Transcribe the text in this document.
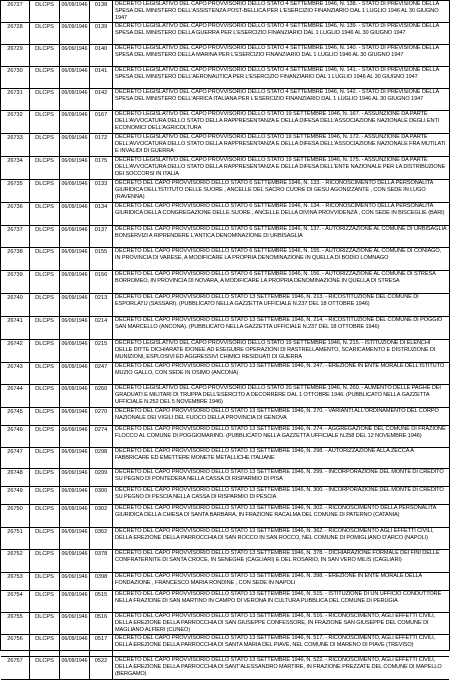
26727	DLCPS	06/09/1946	0138	DECRETO LEGISLATIVO DEL CAPO PROVVISORIO DELLO STATO 4 SETTEMBRE 1946, N. 138. - STATO DI PREVISIONE DELLA SPESA DEL MINISTERO DELL'ASSISTENZA POST-BELLICA PER L'ESERCIZIO FINANZIARIO DAL 1 LUGLIO 1946 AL 30 GIUGNO 1947
26728	DLCPS	06/09/1946	0139	DECRETO LEGISLATIVO DEL CAPO PROVVISORIO DELLO STATO 4 SETTEMBRE 1946, N. 139. - STATO DI PREVISIONE DELLA SPESA DEL MINISTERO DELLA GUERRA PER L'ESERCIZIO FINANZIARIO DAL 1 LUGLIO 1946 AL 30 GIUGNO 1947
26729	DLCPS	06/09/1946	0140	DECRETO LEGISLATIVO DEL CAPO PROVVISORIO DELLO STATO 4 SETTEMBRE 1946, N. 140. - STATO DI PREVISIONE DELLA SPESA DEL MINISTERO DELLA MARINA PER L'ESERCIZIO FINANZIARIO DAL 1 LUGLIO 1946 AL 30 GIUGNO 1947
26730	DLCPS	06/09/1946	0141	DECRETO LEGISLATIVO DEL CAPO PROVVISORIO DELLO STATO 4 SETTEMBRE 1946, N. 141. - STATO DI PREVISIONE DELLA SPESA DEL MINISTERO DELL'AERONAUTICA PER L'ESERCIZIO FINANZIARIO DAL 1 LUGLIO 1946 AL 30 GIUGNO 1947
26731	DLCPS	06/09/1946	0142	DECRETO LEGISLATIVO DEL CAPO PROVVISORIO DELLO STATO 4 SETTEMBRE 1946, N. 142. - STATO DI PREVISIONE DELLA SPESA DEL MINISTERO DELL'AFRICA ITALIANA PER L'ESERCIZIO FINANZIARIO DAL 1 LUGLIO 1946 AL 30 GIUGNO 1947
26732	DLCPS	06/09/1946	0167	DECRETO LEGISLATIVO DEL CAPO PROVVISORIO DELLO STATO 19 SETTEMBRE 1946, N. 167. - ASSUNZIONE DA PARTE DELL'AVVOCATURA DELLO STATO DELLA RAPPRESENTANZA E DELLA DIFESA DELL'ASSOCIAZIONE NAZIONALE DEGLI ENTI ECONOMICI DELL'AGRICOLTURA
26733	DLCPS	06/09/1946	0172	DECRETO LEGISLATIVO DEL CAPO PROVVISORIO DELLO STATO 19 SETTEMBRE 1946, N. 172. - ASSUNZIONE DA PARTE DELL'AVVOCATURA DELLO STATO DELLA RAPPRESENTANZA E DELLA DIFESA DELL'ASSOCIAZIONE NAZIONALE FRA MUTILATI E INVALIDI DI GUERRA
26734	DLCPS	06/09/1946	0175	DECRETO LEGISLATIVO DEL CAPO PROVVISORIO DELLO STATO 19 SETTEMBRE 1946, N. 175. - ASSUNZIONE DA PARTE DELL'AVVOCATURA DELLO STATO DELLA RAPPRESENTANZA E DELLA DIFESA DELL'ENTE NAZIONALE PER LA DISTRIBUZIONE DEI SOCCORSI IN ITALIA
26735	DLCPS	06/09/1946	0133	DECRETO DEL CAPO PROVVISORIO DELLO STATO 6 SETTEMBRE 1946, N. 133. - RICONOSCIMENTO DELLA PERSONALITA GIURIDICA DELL'ISTITUTO DELLE SUORE , ANCELLE DEL SACRO CUORE DI GESU AGONIZZANTE , CON SEDE IN LUGO (RAVENNA)
26736	DLCPS	06/09/1946	0134	DECRETO DEL CAPO PROVVISORIO DELLO STATO 6 SETTEMBRE 1946, N. 134. - RICONOSCIMENTO DELLA PERSONALITA GIURIDICA DELLA CONGREGAZIONE DELLE SUORE , ANCELLE DELLA DIVINA PROVVIDENZA , CON SEDE IN BISCEGLIE (BARI)
26737	DLCPS	06/09/1946	0137	DECRETO DEL CAPO PROVVISORIO DELLO STATO 6 SETTEMBRE 1946, N. 137. - AUTORIZZAZIONE AL COMUNE DI URBISAGLIA BONSERVIZI A RIPRENDERE L'ANTICA DENOMINAZIONE DI URBISAGLIA
26738	DLCPS	06/09/1946	0155	DECRETO DEL CAPO PROVVISORIO DELLO STATO 6 SETTEMBRE 1946, N. 155. - AUTORIZZAZIONE AL COMUNE DI CONIAGO, IN PROVINCIA DI VARESE, A MODIFICARE LA PROPRIA DENOMINAZIONE IN QUELLA DI BODIO LOMNAGO
26739	DLCPS	06/09/1946	0156	DECRETO DEL CAPO PROVVISORIO DELLO STATO 6 SETTEMBRE 1946, N. 156. - AUTORIZZAZIONE AL COMUNE DI STRESA BORROMEO, IN PROVINCIA DI NOVARA, A MODIFICARE LA PROPRIA DENOMINAZIONE IN QUELLA DI STRESA
26740	DLCPS	06/09/1946	0213	DECRETO DEL CAPO PROVVISORIO DELLO STATO 13 SETTEMBRE 1946, N. 213. - RICOSTITUZIONE DEL COMUNE DI ESPORLATU (SASSARI). (PUBBLICATO NELLA GAZZETTA UFFICIALE N.237 DEL 18 OTTOBRE 1946)
26741	DLCPS	06/09/1946	0214	DECRETO DEL CAPO PROVVISORIO DELLO STATO 13 SETTEMBRE 1946, N. 214. - RICOSTITUZIONE DEL COMUNE DI POGGIO SAN MARCELLO (ANCONA). (PUBBLICATO NELLA GAZZETTA UFFICIALE N.237 DEL 18 OTTOBRE 1946)
26742	DLCPS	06/09/1946	0215	DECRETO LEGISLATIVO DEL CAPO PROVVISORIO DELLO STATO 19 SETTEMBRE 1946, N. 215. - ISTITUZIONE DI ELENCHI DELLE DITTE DICHIARATE IDONEE AD ESEGUIRE OPERAZIONI DI RASTRELLAMENTO, SCARICAMENTO E DISTRUZIONE DI MUNIZIONI, ESPLOSIVI ED AGGRESSIVI CHIMICI RESIDUATI DI GUERRA
26743	DLCPS	06/09/1946	0247	DECRETO DEL CAPO PROVVISORIO DELLO STATO 13 SETTEMBRE 1946, N. 247. - EREZIONE IN ENTE MORALE DELL'ISTITUTO MUZIO GALLO, CON SEDE IN OSIMO (ANCONA)
26744	DLCPS	06/09/1946	0260	DECRETO LEGISLATIVO DEL CAPO PROVVISORIO DELLO STATO 20 SETTEMBRE 1946, N. 260. - AUMENTO DELLE PAGHE DEI GRADUATI E MILITARI DI TRUPPA DELL'ESERCITO A DECORRERE DAL 1 OTTOBRE 1946. (PUBBLICATO NELLA GAZZETTA UFFICIALE N.252 DEL 5 NOVEMBRE 1946)
26745	DLCPS	06/09/1946	0270	DECRETO DEL CAPO PROVVISORIO DELLO STATO 13 SETTEMBRE 1946, N. 270. - VARIANTI ALL'ORDINAMENTO DEL CORPO NAZIONALE DEI VIGILI DEL FUOCO DELLA PROVINCIA DI GENOVA
26746	DLCPS	06/09/1946	0274	DECRETO DEL CAPO PROVVISORIO DELLO STATO 13 SETTEMBRE 1946, N. 274. - AGGREGAZIONE DEL COMUNE DI FRAZIONE FLOCCO AL COMUNE DI POGGIOMARINO. (PUBBLICATO NELLA GAZZETTA UFFICIALE N.258 DEL 12 NOVEMBRE 1946)
26747	DLCPS	06/09/1946	0298	DECRETO DEL CAPO PROVVISORIO DELLO STATO 13 SETTEMBRE 1946, N. 298. - AUTORIZZAZIONE ALLA ZECCA A FABBRICARE ED EMETTERE MONETE METALLICHE ITALIANE
26748	DLCPS	06/09/1946	0299	DECRETO DEL CAPO PROVVISORIO DELLO STATO 13 SETTEMBRE 1946, N. 299. - INCORPORAZIONE DEL MONTE DI CREDITO SU PEGNO DI PONTEDERA NELLA CASSA DI RISPARMIO DI PISA
26749	DLCPS	06/09/1946	0300	DECRETO DEL CAPO PROVVISORIO DELLO STATO 13 SETTEMBRE 1946, N. 300. - INCORPORAZIONE DEL MONTE DI CREDITO SU PEGNO DI PESCIA NELLA CASSA DI RISPARMIO DI PESCIA
26750	DLCPS	06/09/1946	0302	DECRETO DEL CAPO PROVVISORIO DELLO STATO 13 SETTEMBRE 1946, N. 302. - RICONOSCIMENTO DELLA PERSONALITA GIURIDICA DELLA CHIESA DI SANTA BARBARA, IN FRAZIONE RACALMA DEL COMUNE DI PATERNO (CATANIA)
26751	DLCPS	06/09/1946	0362	DECRETO DEL CAPO PROVVISORIO DELLO STATO 13 SETTEMBRE 1946, N. 362. - RICONOSCIMENTO AGLI EFFETTI CIVILI, DELLA EREZIONE DELLA PARROCCHIA DI SAN ROCCO IN SAN ROCCO, NEL COMUNE DI POMIGLIANO D'ARCO (NAPOLI)
26752	DLCPS	06/09/1946	0378	DECRETO DEL CAPO PROVVISORIO DELLO STATO 13 SETTEMBRE 1946, N. 378. - DICHIARAZIONE FORMALE DEI FINI DELLE CONFRATERNITE DI SANTA CROCE, IN SENEGHE (CAGLIARI) E DEL ROSARIO, IN SAN VERO MILIS (CAGLIARI)
26753	DLCPS	06/09/1946	0398	DECRETO DEL CAPO PROVVISORIO DELLO STATO 13 SETTEMBRE 1946, N. 398. - EREZIONE IN ENTE MORALE DELLA FONDAZIONE , FRANCESCO MARIA RONDINE , CON SEDE IN NAPOLI
26754	DLCPS	06/09/1946	0515	DECRETO DEL CAPO PROVVISORIO DELLO STATO 13 SETTEMBRE 1946, N. 515. - ISTITUZIONE DI UN UFFICIO CONDUTTORE NELLA FRAZIONE DI SAN MARTINO IN CAMPO DI VERONA IN CULTURA PUBBLICA DEL COMUNE DI PERUGIA
26755	DLCPS	06/09/1946	0516	DECRETO DEL CAPO PROVVISORIO DELLO STATO 13 SETTEMBRE 1946, N. 516. - RICONOSCIMENTO, AGLI EFFETTI CIVILI, DELLA EREZIONE DELLA PARROCCHIA DI SAN GIUSEPPE CONFESSORE, IN FRAZIONE SAN GIUSEPPE DEL COMUNE DI MAGLIANO ALFIERI (CUNEO)
26756	DLCPS	06/09/1946	0517	DECRETO DEL CAPO PROVVISORIO DELLO STATO 13 SETTEMBRE 1946, N. 517. - RICONOSCIMENTO, AGLI EFFETTI CIVILI, DELLA EREZIONE DELLA PARROCCHIA DI SANTA MARIA DEL PIAVE, NEL COMUNE DI MARENO DI PIAVE (TREVISO)
26757	DLCPS	06/09/1946	0522	DECRETO DEL CAPO PROVVISORIO DELLO STATO 13 SETTEMBRE 1946, N. 522. - RICONOSCIMENTO, AGLI EFFETTI CIVILI, DELLA EREZIONE DELLA PARROCCHIA DI SANT'ALESSANDRO MARTIRE, IN FRAZIONE PREZZATE DEL COMUNE DI MAPELLO (BERGAMO)
